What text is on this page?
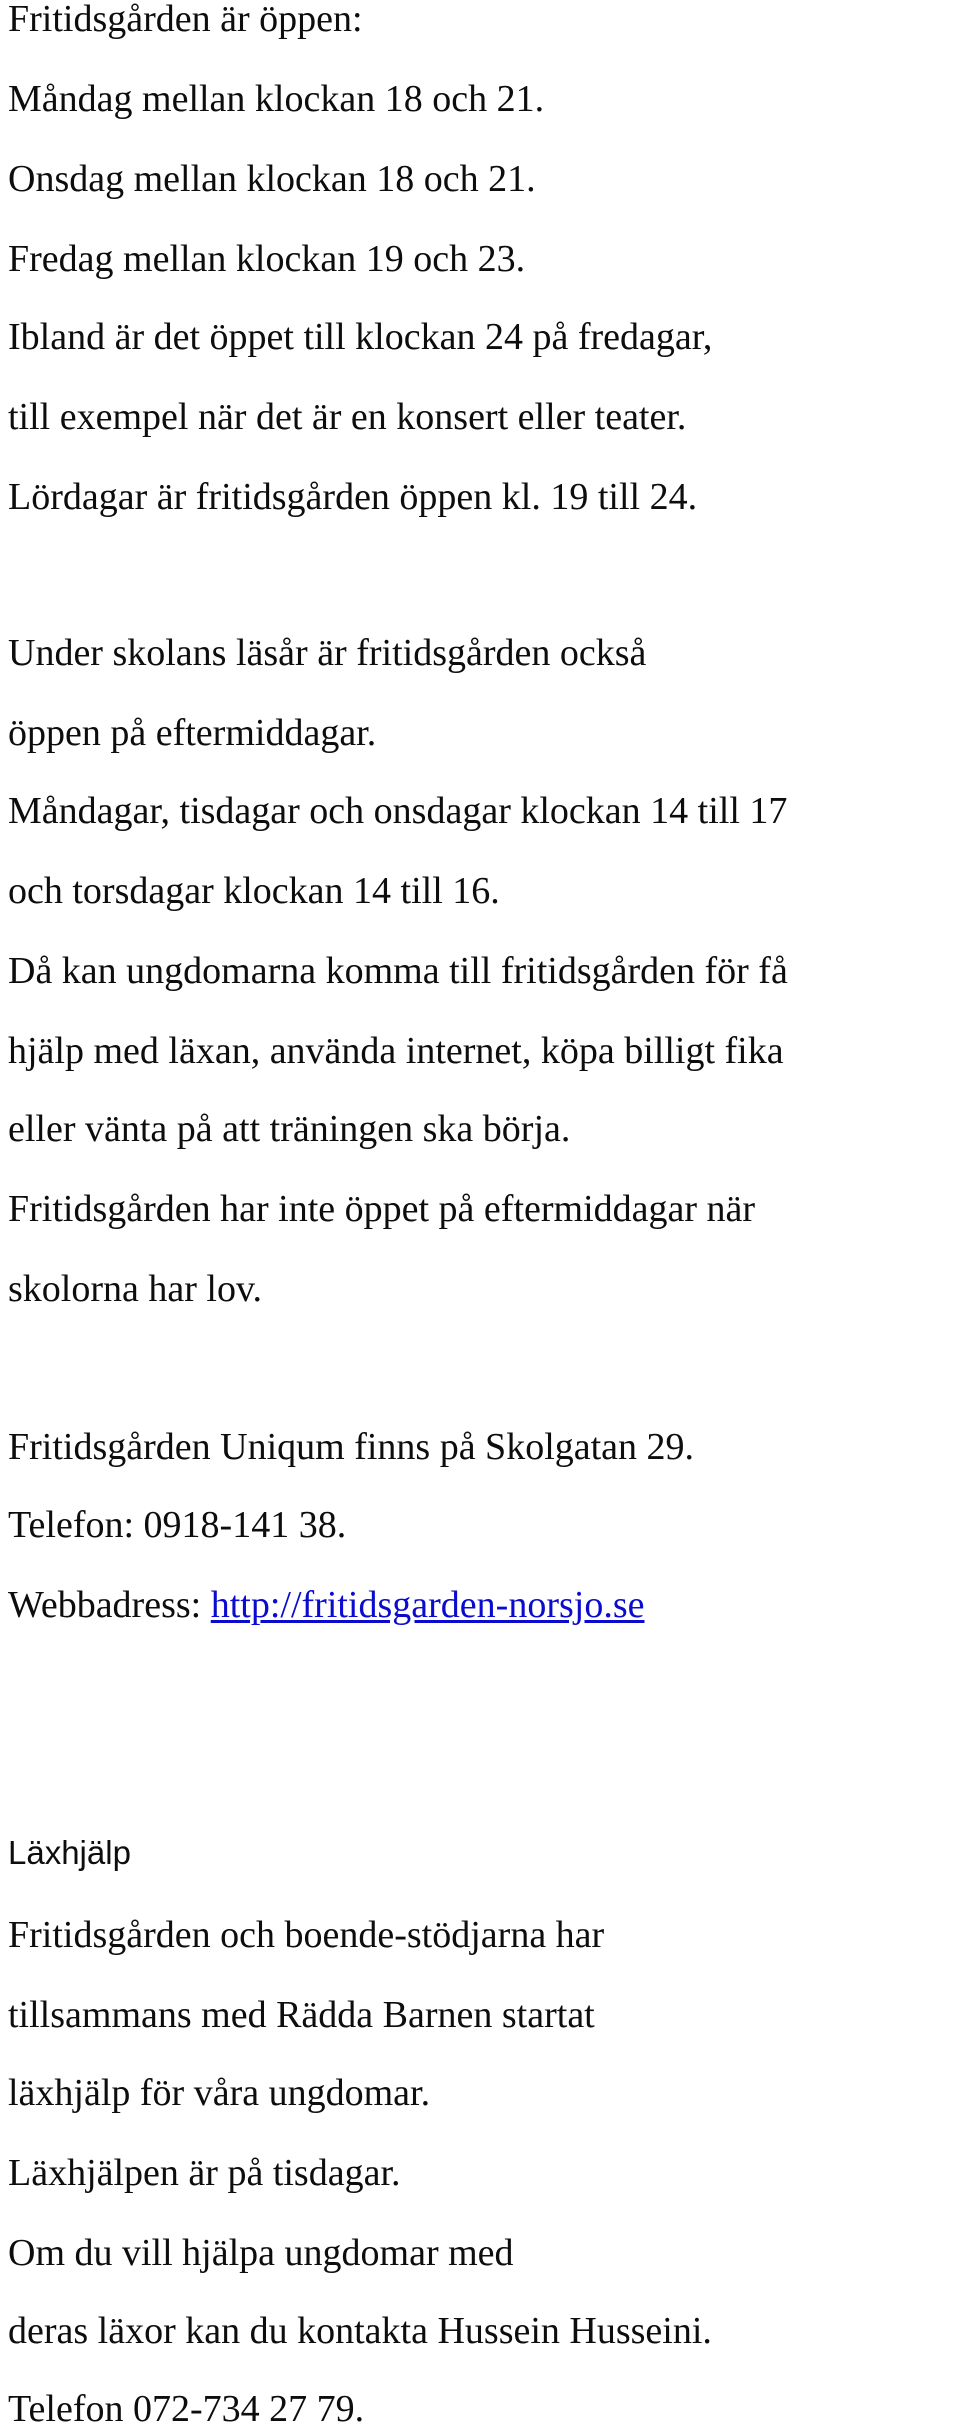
Fritidsgården är öppen:

Måndag mellan klockan 18 och 21.

Onsdag mellan klockan 18 och 21.

Fredag mellan klockan 19 och 23.

Ibland är det öppet till klockan 24 på fredagar,

till exempel när det är en konsert eller teater.

Lördagar är fritidsgården öppen kl. 19 till 24.

Under skolans läsår är fritidsgården också

öppen på eftermiddagar.

Måndagar, tisdagar och onsdagar klockan 14 till 17

och torsdagar klockan 14 till 16.

Då kan ungdomarna komma till fritidsgården för få

hjälp med läxan, använda internet, köpa billigt fika

eller vänta på att träningen ska börja.

Fritidsgården har inte öppet på eftermiddagar när

skolorna har lov.

Fritidsgården Uniqum finns på Skolgatan 29.

Telefon: 0918-141 38.

Webbadress: http://fritidsgarden-norsjo.se

Läxhjälp

Fritidsgården och boende-stödjarna har

tillsammans med Rädda Barnen startat

läxhjälp för våra ungdomar.

Läxhjälpen är på tisdagar.

Om du vill hjälpa ungdomar med

deras läxor kan du kontakta Hussein Husseini.

Telefon 072-734 27 79.
